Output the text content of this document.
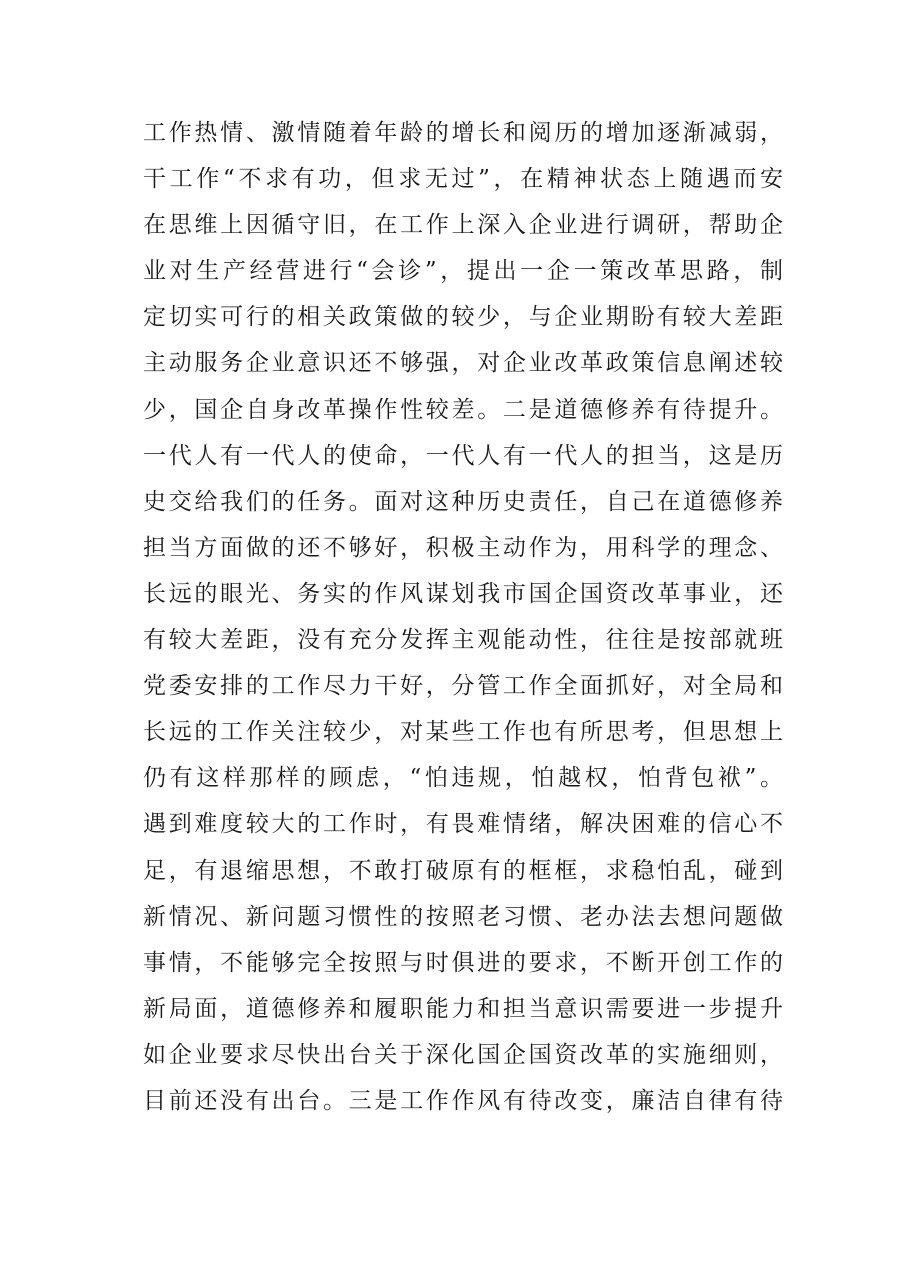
工作热情、激情随着年龄的增长和阅历的增加逐渐减弱，
干工作“不求有功，但求无过”，在精神状态上随遇而安
在思维上因循守旧，在工作上深入企业进行调研，帮助企
业对生产经营进行“会诊”，提出一企一策改革思路，制
定切实可行的相关政策做的较少，与企业期盼有较大差距
主动服务企业意识还不够强，对企业改革政策信息阐述较
少，国企自身改革操作性较差。二是道德修养有待提升。
一代人有一代人的使命，一代人有一代人的担当，这是历
史交给我们的任务。面对这种历史责任，自己在道德修养
担当方面做的还不够好，积极主动作为，用科学的理念、
长远的眼光、务实的作风谋划我市国企国资改革事业，还
有较大差距，没有充分发挥主观能动性，往往是按部就班
党委安排的工作尽力干好，分管工作全面抓好，对全局和
长远的工作关注较少，对某些工作也有所思考，但思想上
仍有这样那样的顾虑，“怕违规，怕越权，怕背包袱”。
遇到难度较大的工作时，有畏难情绪，解决困难的信心不
足，有退缩思想，不敢打破原有的框框，求稳怕乱，碰到
新情况、新问题习惯性的按照老习惯、老办法去想问题做
事情，不能够完全按照与时俱进的要求，不断开创工作的
新局面，道德修养和履职能力和担当意识需要进一步提升
如企业要求尽快出台关于深化国企国资改革的实施细则，
目前还没有出台。三是工作作风有待改变，廉洁自律有待
